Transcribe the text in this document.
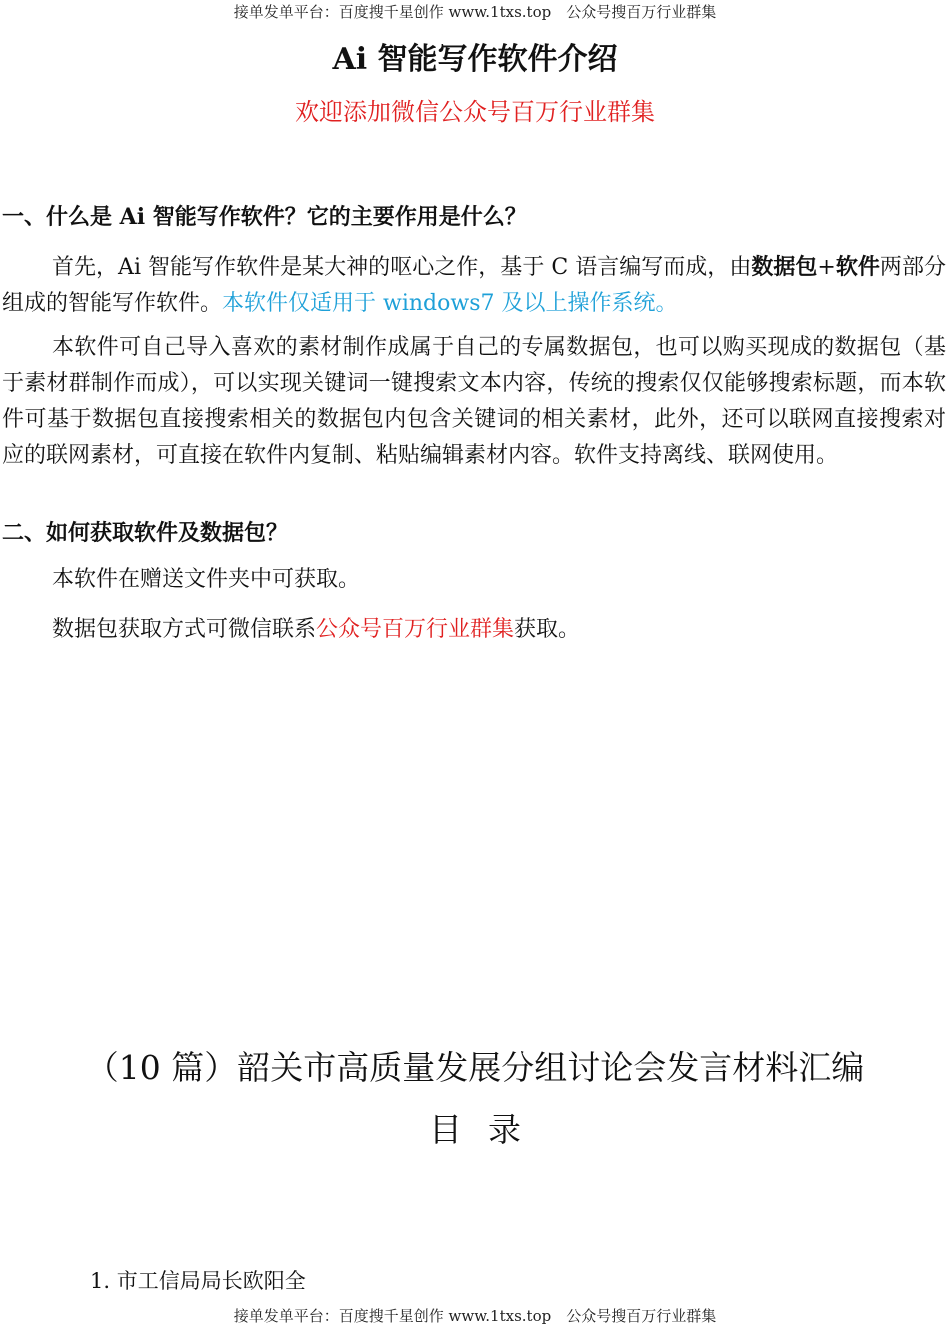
接单发单平台：百度搜千星创作 www.1txs.top　公众号搜百万行业群集
Ai 智能写作软件介绍
欢迎添加微信公众号百万行业群集
一、什么是 Ai 智能写作软件？它的主要作用是什么？
首先，Ai 智能写作软件是某大神的呕心之作，基于 C 语言编写而成，由数据包+软件两部分组成的智能写作软件。本软件仅适用于 windows7 及以上操作系统。
本软件可自己导入喜欢的素材制作成属于自己的专属数据包，也可以购买现成的数据包（基于素材群制作而成），可以实现关键词一键搜索文本内容，传统的搜索仅仅能够搜索标题，而本软件可基于数据包直接搜索相关的数据包内包含关键词的相关素材，此外，还可以联网直接搜索对应的联网素材，可直接在软件内复制、粘贴编辑素材内容。软件支持离线、联网使用。
二、如何获取软件及数据包？
本软件在赠送文件夹中可获取。
数据包获取方式可微信联系公众号百万行业群集获取。
（10 篇）韶关市高质量发展分组讨论会发言材料汇编
目录
1. 市工信局局长欧阳全
接单发单平台：百度搜千星创作 www.1txs.top　公众号搜百万行业群集
